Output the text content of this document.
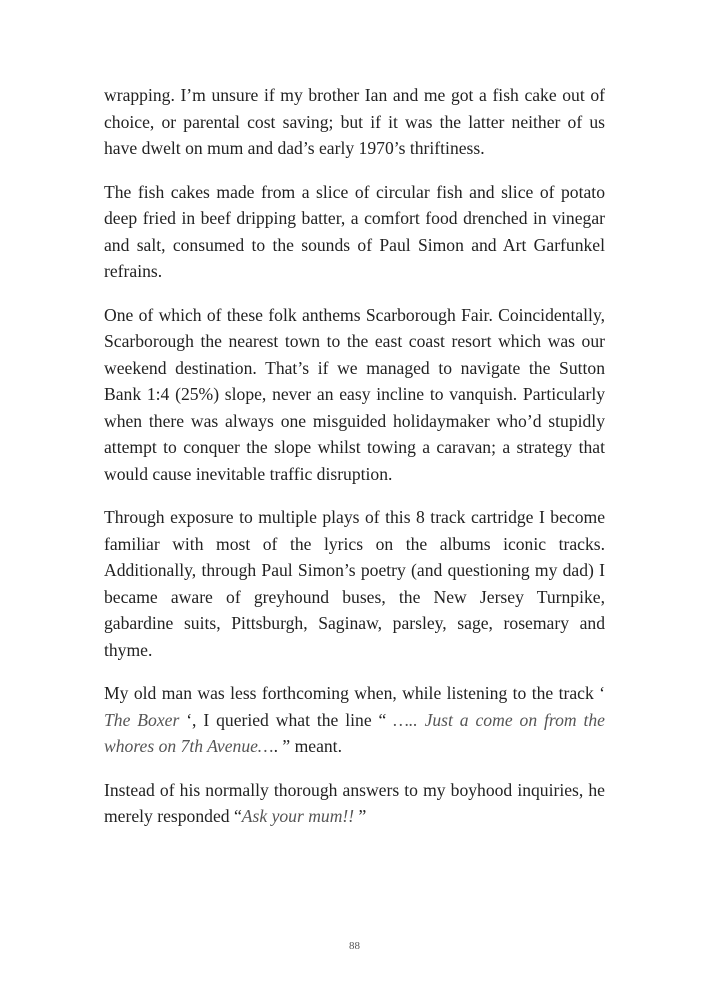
wrapping. I’m unsure if my brother Ian and me got a fish cake out of choice, or parental cost saving; but if it was the latter neither of us have dwelt on mum and dad’s early 1970’s thriftiness.

The fish cakes made from a slice of circular fish and slice of potato deep fried in beef dripping batter, a comfort food drenched in vinegar and salt, consumed to the sounds of Paul Simon and Art Garfunkel refrains.

One of which of these folk anthems Scarborough Fair. Coincidentally, Scarborough the nearest town to the east coast resort which was our weekend destination. That’s if we managed to navigate the Sutton Bank 1:4 (25%) slope, never an easy incline to vanquish. Particularly when there was always one misguided holidaymaker who’d stupidly attempt to conquer the slope whilst towing a caravan; a strategy that would cause inevitable traffic disruption.

Through exposure to multiple plays of this 8 track cartridge I become familiar with most of the lyrics on the albums iconic tracks. Additionally, through Paul Simon’s poetry (and questioning my dad) I became aware of greyhound buses, the New Jersey Turnpike, gabardine suits, Pittsburgh, Saginaw, parsley, sage, rosemary and thyme.

My old man was less forthcoming when, while listening to the track ‘ The Boxer ‘, I queried what the line “ ….. Just a come on from the whores on 7th Avenue…. ” meant.

Instead of his normally thorough answers to my boyhood inquiries, he merely responded “Ask your mum!! ”

88
